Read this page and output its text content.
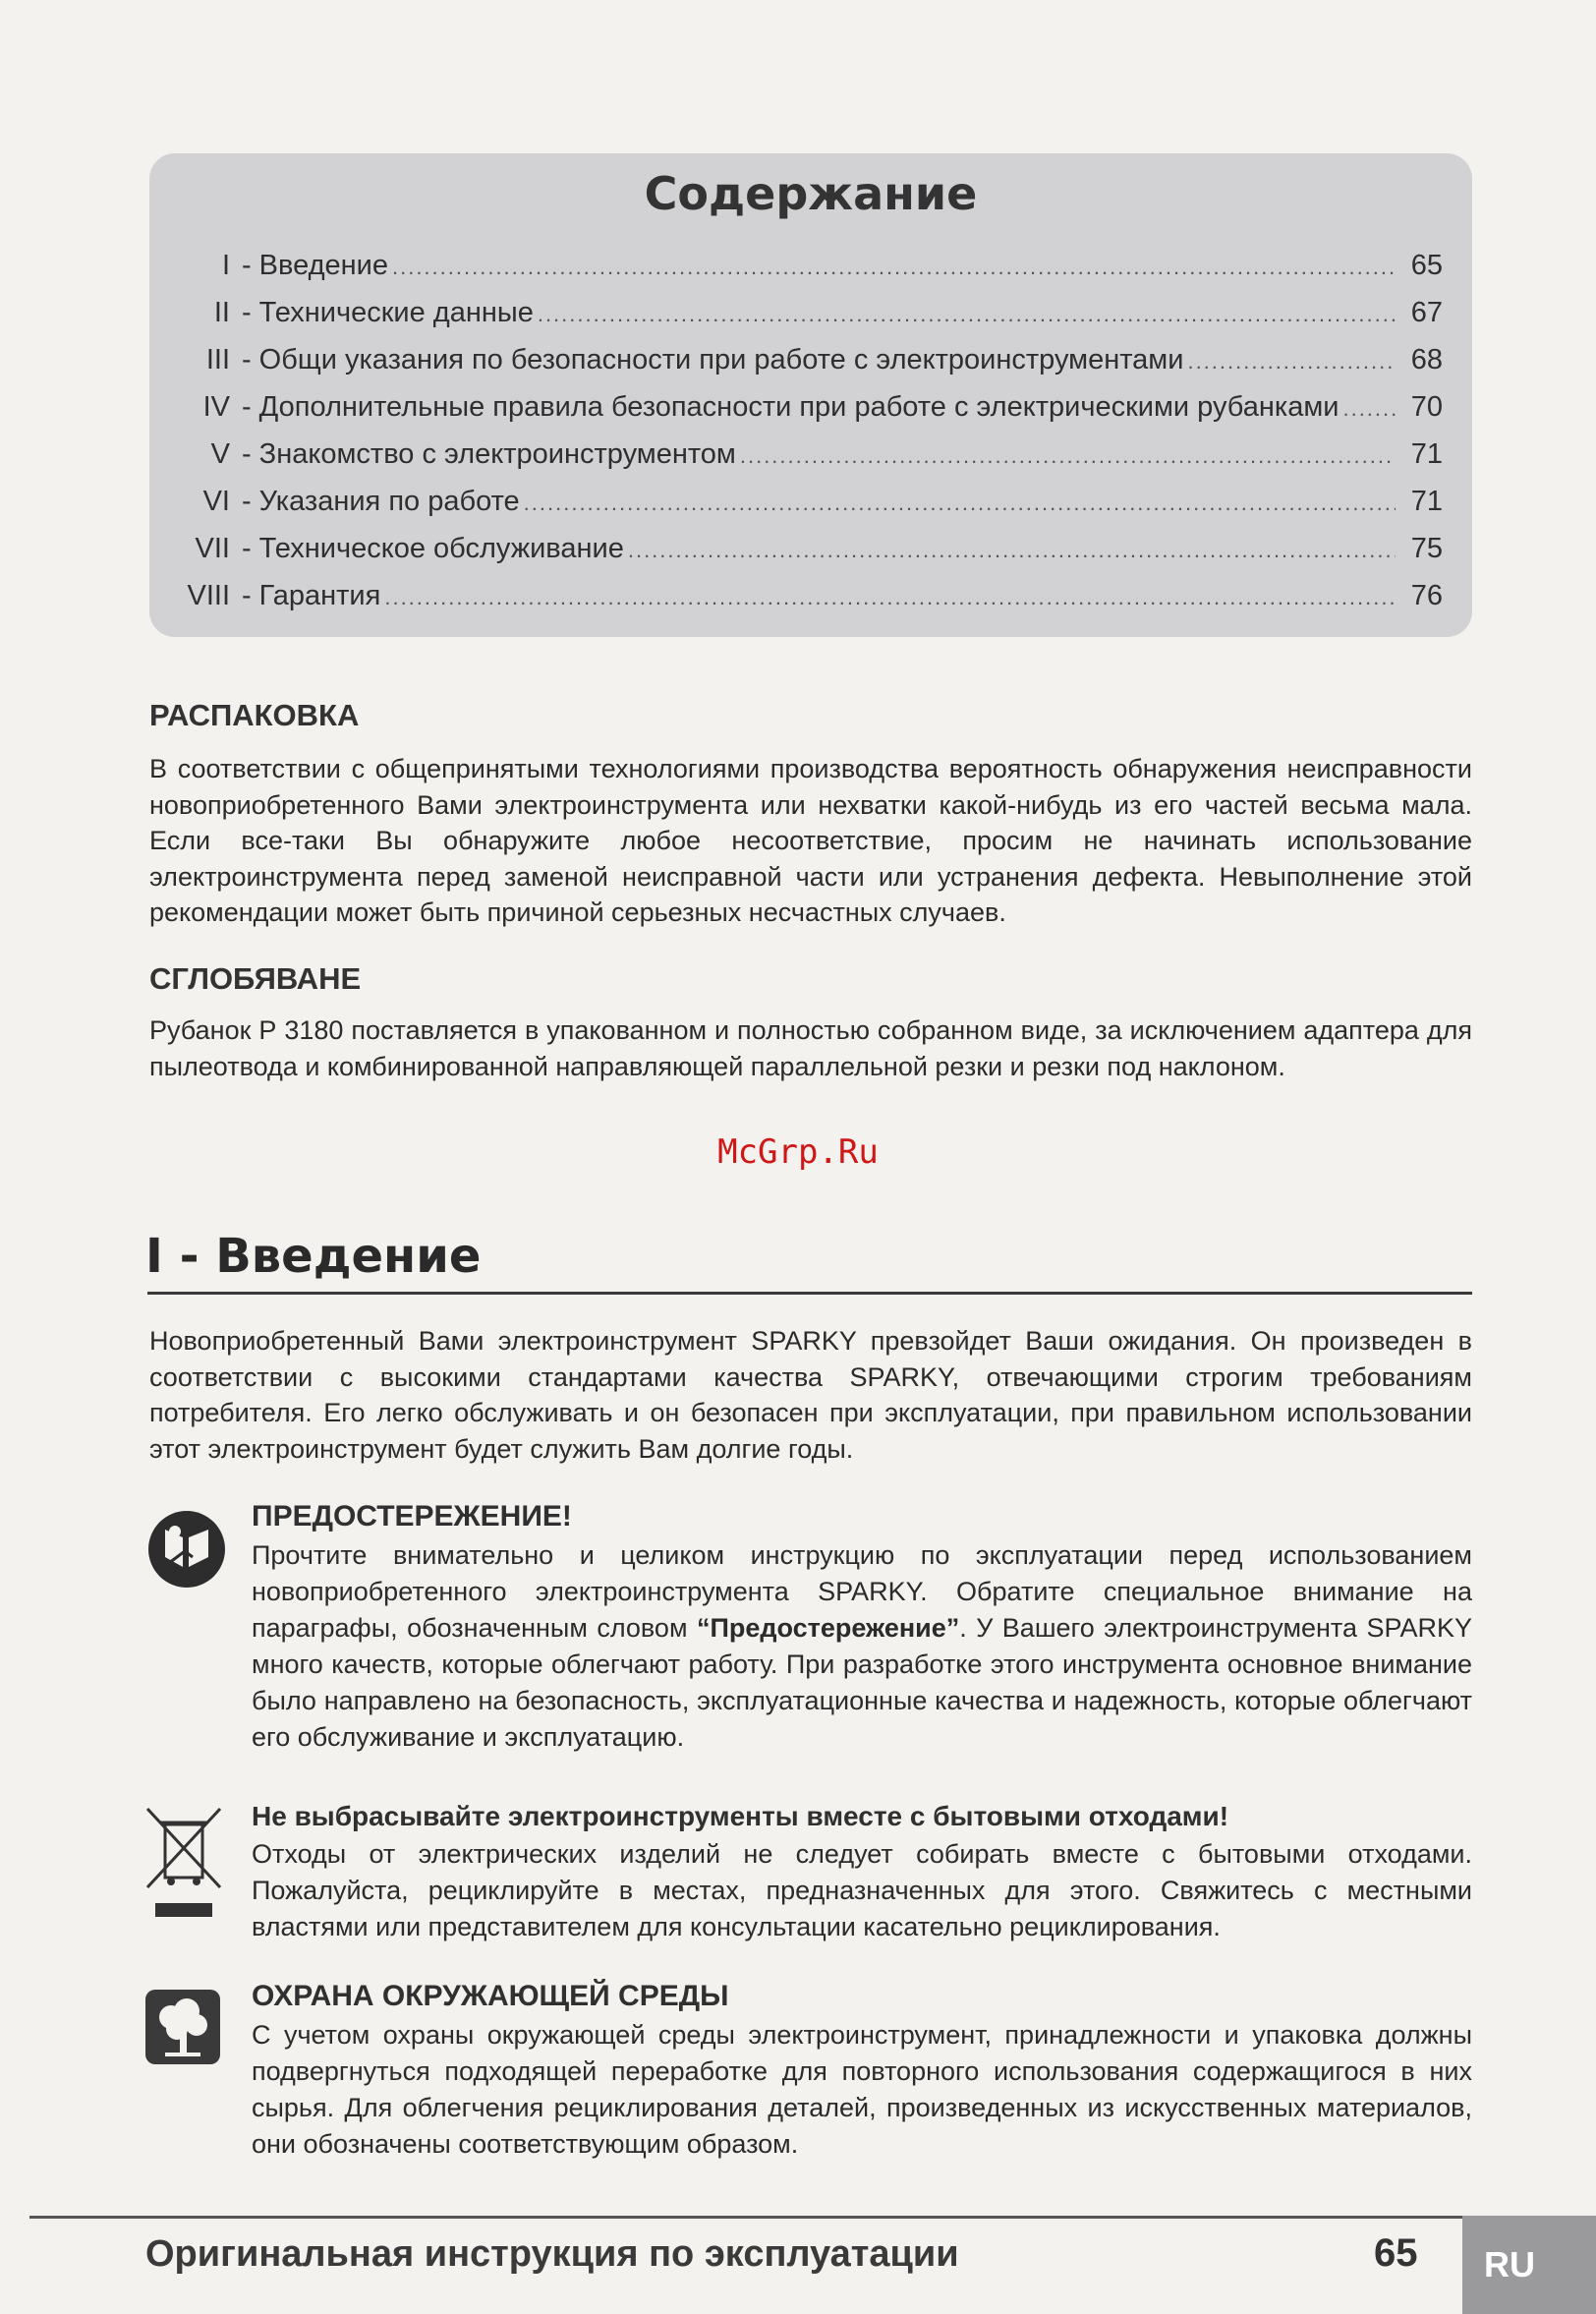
Содержание
I - Введение .....	65
II - Технические данные .....	67
III - Общи указания по безопасности при работе с электроинструментами .....	68
IV - Дополнительные правила безопасности при работе с электрическими рубанками .....	70
V - Знакомство с электроинструментом .....	71
VI - Указания по работе .....	71
VII - Техническое обслуживание .....	75
VIII - Гарантия .....	76
РАСПАКОВКА
В соответствии с общепринятыми технологиями производства вероятность обнаружения неисправности новоприобретенного Вами электроинструмента или нехватки какой-нибудь из его частей весьма мала. Если все-таки Вы обнаружите любое несоответствие, просим не начинать использование электроинструмента перед заменой неисправной части или устранения дефекта. Невыполнение этой рекомендации может быть причиной серьезных несчастных случаев.
СГЛОБЯВАНЕ
Рубанок Р 3180 поставляется в упакованном и полностью собранном виде, за исключением адаптера для пылеотвода и комбинированной направляющей параллельной резки и резки под наклоном.
McGrp.Ru
I - Введение
Новоприобретенный Вами электроинструмент SPARKY превзойдет Ваши ожидания. Он произведен в соответствии с высокими стандартами качества SPARKY, отвечающими строгим требованиям потребителя. Его легко обслуживать и он безопасен при эксплуатации, при правильном использовании этот электроинструмент будет служить Вам долгие годы.
ПРЕДОСТЕРЕЖЕНИЕ!
Прочтите внимательно и целиком инструкцию по эксплуатации перед использованием новоприобретенного электроинструмента SPARKY. Обратите специальное внимание на параграфы, обозначенным словом “Предостережение”. У Вашего электроинструмента SPARKY много качеств, которые облегчают работу. При разработке этого инструмента основное внимание было направлено на безопасность, эксплуатационные качества и надежность, которые облегчают его обслуживание и эксплуатацию.
Не выбрасывайте электроинструменты вместе с бытовыми отходами!
Отходы от электрических изделий не следует собирать вместе с бытовыми отходами. Пожалуйста, рециклируйте в местах, предназначенных для этого. Свяжитесь с местными властями или представителем для консультации касательно рециклирования.
ОХРАНА ОКРУЖАЮЩЕЙ СРЕДЫ
С учетом охраны окружающей среды электроинструмент, принадлежности и упаковка должны подвергнуться подходящей переработке для повторного использования содержащигося в них сырья. Для облегчения рециклирования деталей, произведенных из искусственных материалов, они обозначены соответствующим образом.
Оригинальная инструкция по эксплуатации	65	RU
